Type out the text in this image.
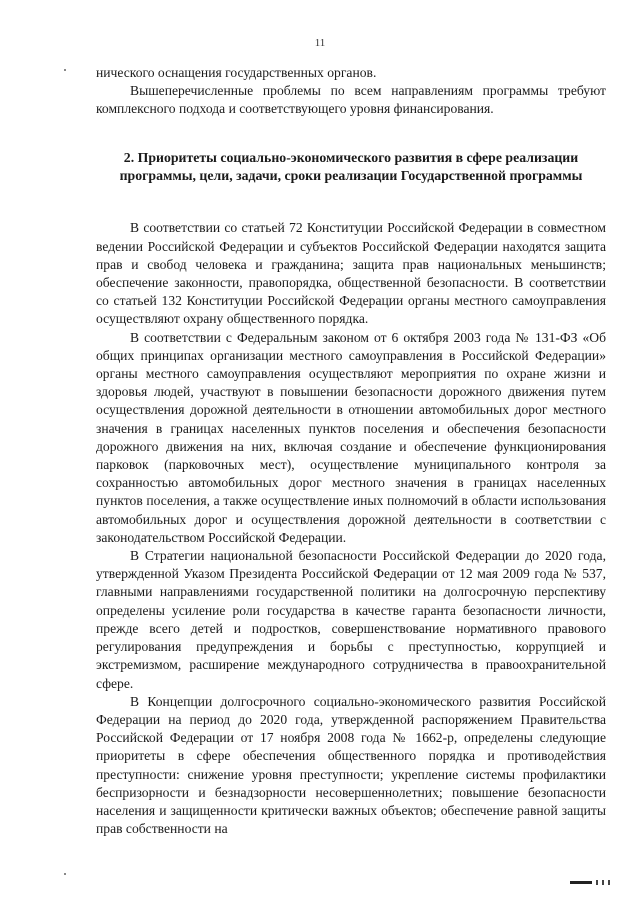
11

нического оснащения государственных органов.

Вышеперечисленные проблемы по всем направлениям программы требуют комплексного подхода и соответствующего уровня финансирования.

2. Приоритеты социально-экономического развития в сфере реализации программы, цели, задачи, сроки реализации Государственной программы

В соответствии со статьей 72 Конституции Российской Федерации в совместном ведении Российской Федерации и субъектов Российской Федерации находятся защита прав и свобод человека и гражданина; защита прав национальных меньшинств; обеспечение законности, правопорядка, общественной безопасности. В соответствии со статьей 132 Конституции Российской Федерации органы местного самоуправления осуществляют охрану общественного порядка.

В соответствии с Федеральным законом от 6 октября 2003 года № 131-ФЗ «Об общих принципах организации местного самоуправления в Российской Федерации» органы местного самоуправления осуществляют мероприятия по охране жизни и здоровья людей, участвуют в повышении безопасности дорожного движения путем осуществления дорожной деятельности в отношении автомобильных дорог местного значения в границах населенных пунктов поселения и обеспечения безопасности дорожного движения на них, включая создание и обеспечение функционирования парковок (парковочных мест), осуществление муниципального контроля за сохранностью автомобильных дорог местного значения в границах населенных пунктов поселения, а также осуществление иных полномочий в области использования автомобильных дорог и осуществления дорожной деятельности в соответствии с законодательством Российской Федерации.

В Стратегии национальной безопасности Российской Федерации до 2020 года, утвержденной Указом Президента Российской Федерации от 12 мая 2009 года № 537, главными направлениями государственной политики на долгосрочную перспективу определены усиление роли государства в качестве гаранта безопасности личности, прежде всего детей и подростков, совершенствование нормативного правового регулирования предупреждения и борьбы с преступностью, коррупцией и экстремизмом, расширение международного сотрудничества в правоохранительной сфере.

В Концепции долгосрочного социально-экономического развития Российской Федерации на период до 2020 года, утвержденной распоряжением Правительства Российской Федерации от 17 ноября 2008 года № 1662-р, определены следующие приоритеты в сфере обеспечения общественного порядка и противодействия преступности: снижение уровня преступности; укрепление системы профилактики беспризорности и безнадзорности несовершеннолетних; повышение безопасности населения и защищенности критически важных объектов; обеспечение равной защиты прав собственности на
